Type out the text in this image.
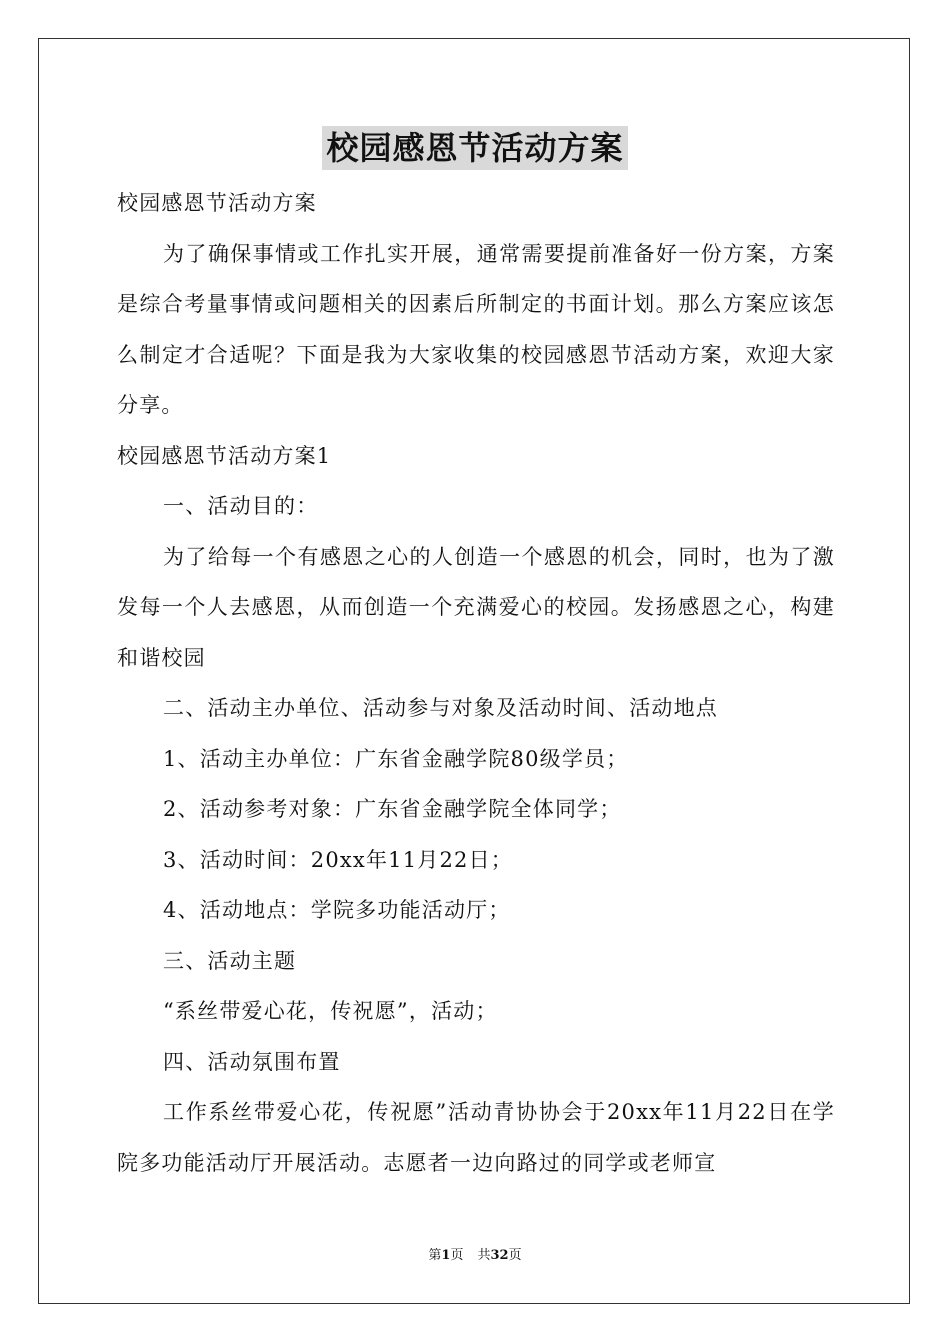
校园感恩节活动方案

校园感恩节活动方案

为了确保事情或工作扎实开展，通常需要提前准备好一份方案，方案是综合考量事情或问题相关的因素后所制定的书面计划。那么方案应该怎么制定才合适呢？下面是我为大家收集的校园感恩节活动方案，欢迎大家分享。

校园感恩节活动方案1

一、活动目的：

为了给每一个有感恩之心的人创造一个感恩的机会，同时，也为了激发每一个人去感恩，从而创造一个充满爱心的校园。发扬感恩之心，构建和谐校园

二、活动主办单位、活动参与对象及活动时间、活动地点

1、活动主办单位：广东省金融学院80级学员；

2、活动参考对象：广东省金融学院全体同学；

3、活动时间：20xx年11月22日；

4、活动地点：学院多功能活动厅；

三、活动主题

“系丝带爱心花，传祝愿”，活动；

四、活动氛围布置

工作系丝带爱心花，传祝愿”活动青协协会于20xx年11月22日在学院多功能活动厅开展活动。志愿者一边向路过的同学或老师宣

第1页 共32页
